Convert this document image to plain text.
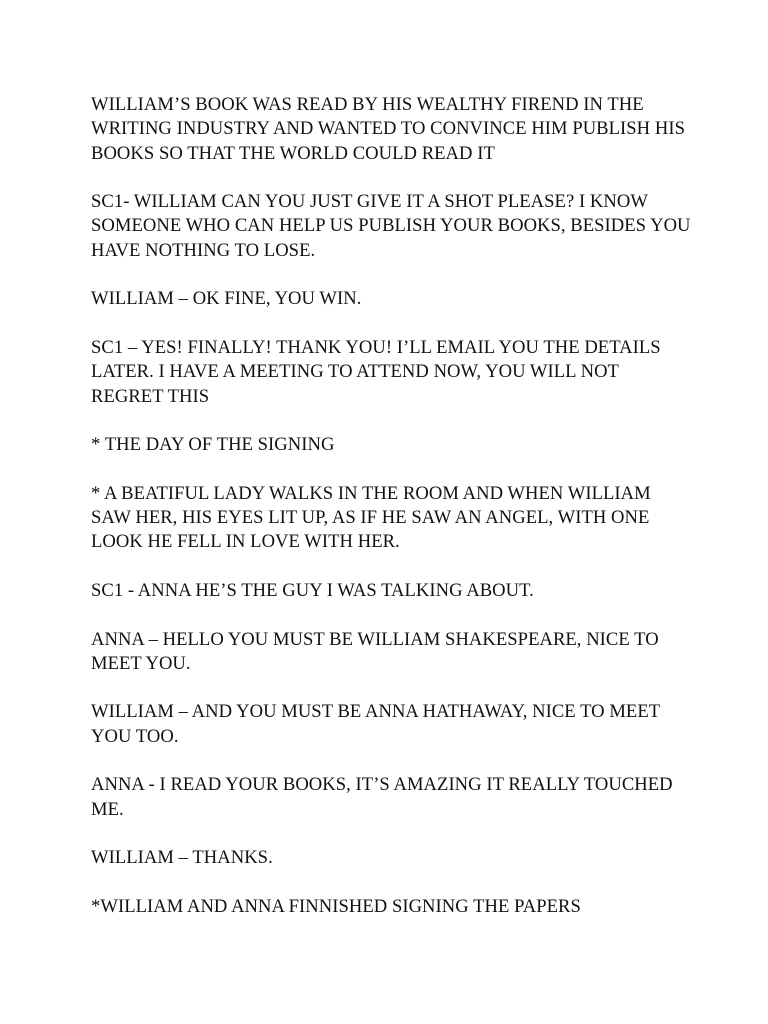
WILLIAM’S BOOK WAS READ BY HIS WEALTHY FIREND IN THE WRITING INDUSTRY AND WANTED TO CONVINCE HIM PUBLISH HIS BOOKS SO THAT THE WORLD COULD READ IT

SC1- WILLIAM CAN YOU JUST GIVE IT A SHOT PLEASE? I KNOW SOMEONE WHO CAN HELP US PUBLISH YOUR BOOKS, BESIDES YOU HAVE NOTHING TO LOSE.

WILLIAM – OK FINE, YOU WIN.

SC1 – YES! FINALLY! THANK YOU! I’LL EMAIL YOU THE DETAILS LATER. I HAVE A MEETING TO ATTEND NOW, YOU WILL NOT REGRET THIS

* THE DAY OF THE SIGNING

* A BEATIFUL LADY WALKS IN THE ROOM AND WHEN WILLIAM SAW HER, HIS EYES LIT UP, AS IF HE SAW AN ANGEL, WITH ONE LOOK HE FELL IN LOVE WITH HER.

SC1 - ANNA HE’S THE GUY I WAS TALKING ABOUT.

ANNA – HELLO YOU MUST BE WILLIAM SHAKESPEARE, NICE TO MEET YOU.

WILLIAM – AND YOU MUST BE ANNA HATHAWAY, NICE TO MEET YOU TOO.

ANNA - I READ YOUR BOOKS, IT’S AMAZING IT REALLY TOUCHED ME.

WILLIAM – THANKS.

*WILLIAM AND ANNA FINNISHED SIGNING THE PAPERS
